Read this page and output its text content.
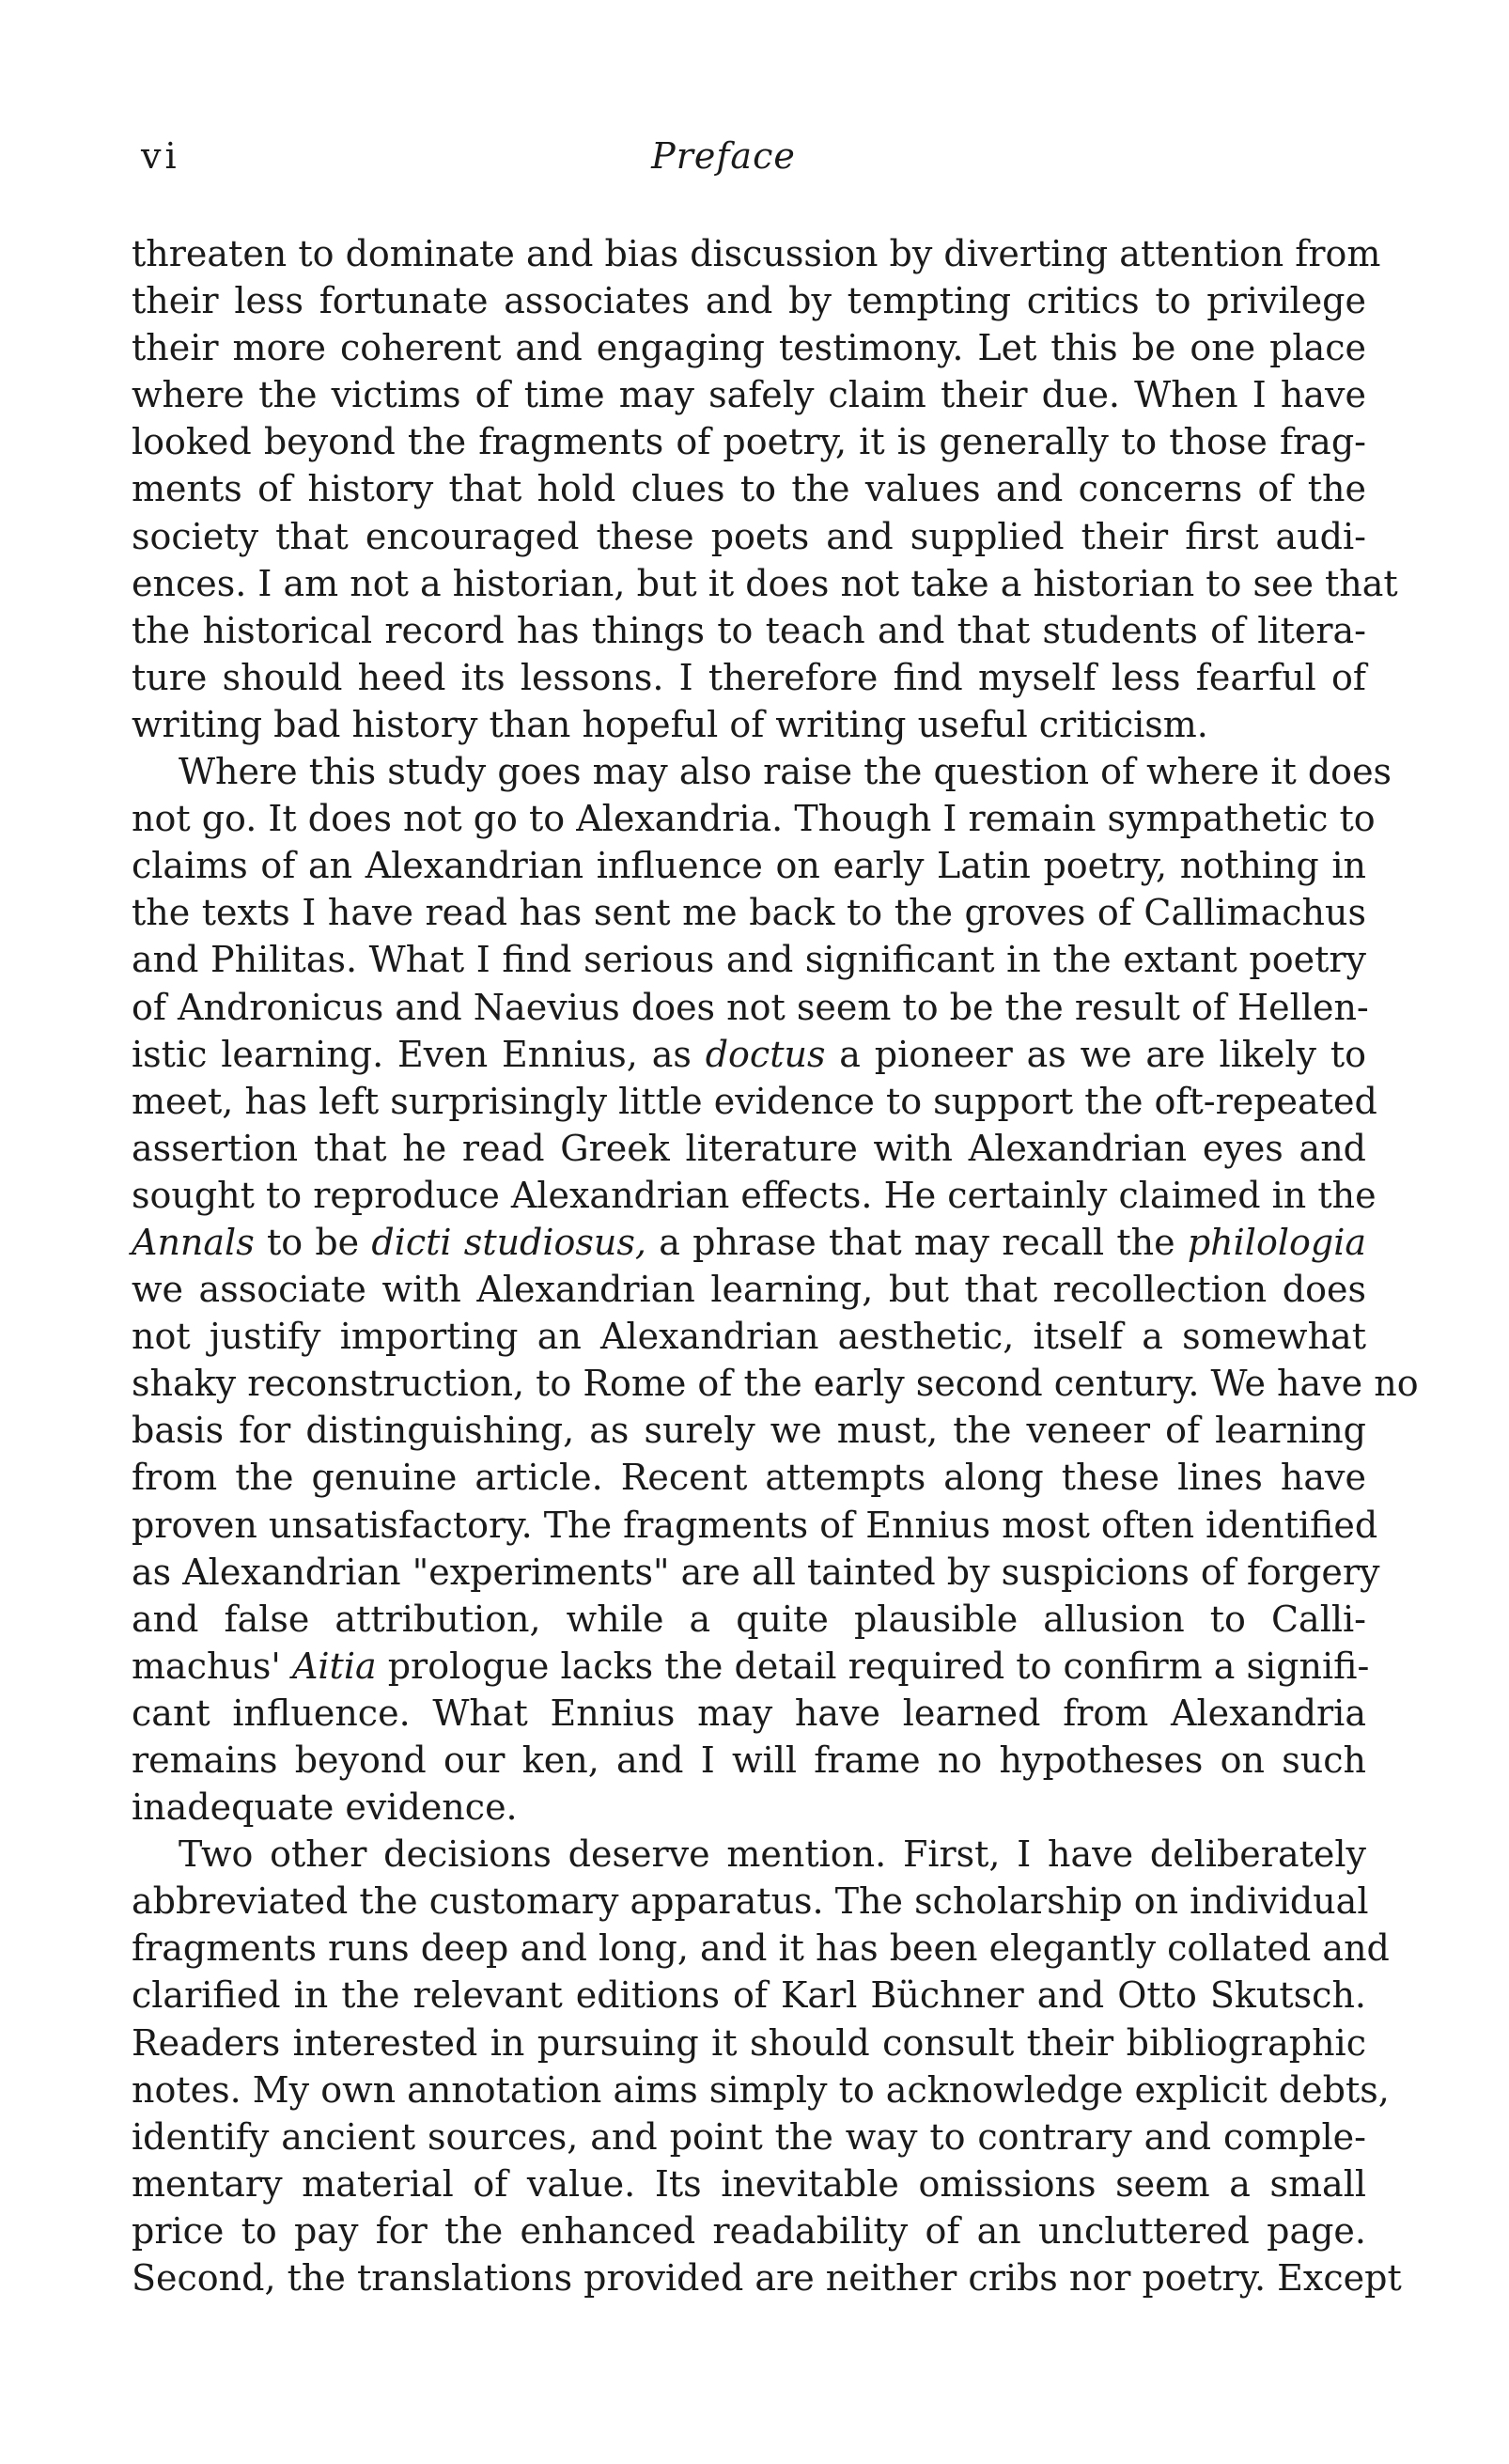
vi	Preface
threaten to dominate and bias discussion by diverting attention from
their less fortunate associates and by tempting critics to privilege
their more coherent and engaging testimony. Let this be one place
where the victims of time may safely claim their due. When I have
looked beyond the fragments of poetry, it is generally to those frag-
ments of history that hold clues to the values and concerns of the
society that encouraged these poets and supplied their first audi-
ences. I am not a historian, but it does not take a historian to see that
the historical record has things to teach and that students of litera-
ture should heed its lessons. I therefore find myself less fearful of
writing bad history than hopeful of writing useful criticism.
Where this study goes may also raise the question of where it does
not go. It does not go to Alexandria. Though I remain sympathetic to
claims of an Alexandrian influence on early Latin poetry, nothing in
the texts I have read has sent me back to the groves of Callimachus
and Philitas. What I find serious and significant in the extant poetry
of Andronicus and Naevius does not seem to be the result of Hellen-
istic learning. Even Ennius, as doctus a pioneer as we are likely to
meet, has left surprisingly little evidence to support the oft-repeated
assertion that he read Greek literature with Alexandrian eyes and
sought to reproduce Alexandrian effects. He certainly claimed in the
Annals to be dicti studiosus, a phrase that may recall the philologia
we associate with Alexandrian learning, but that recollection does
not justify importing an Alexandrian aesthetic, itself a somewhat
shaky reconstruction, to Rome of the early second century. We have no
basis for distinguishing, as surely we must, the veneer of learning
from the genuine article. Recent attempts along these lines have
proven unsatisfactory. The fragments of Ennius most often identified
as Alexandrian "experiments" are all tainted by suspicions of forgery
and false attribution, while a quite plausible allusion to Calli-
machus' Aitia prologue lacks the detail required to confirm a signifi-
cant influence. What Ennius may have learned from Alexandria
remains beyond our ken, and I will frame no hypotheses on such
inadequate evidence.
Two other decisions deserve mention. First, I have deliberately
abbreviated the customary apparatus. The scholarship on individual
fragments runs deep and long, and it has been elegantly collated and
clarified in the relevant editions of Karl Büchner and Otto Skutsch.
Readers interested in pursuing it should consult their bibliographic
notes. My own annotation aims simply to acknowledge explicit debts,
identify ancient sources, and point the way to contrary and comple-
mentary material of value. Its inevitable omissions seem a small
price to pay for the enhanced readability of an uncluttered page.
Second, the translations provided are neither cribs nor poetry. Except
